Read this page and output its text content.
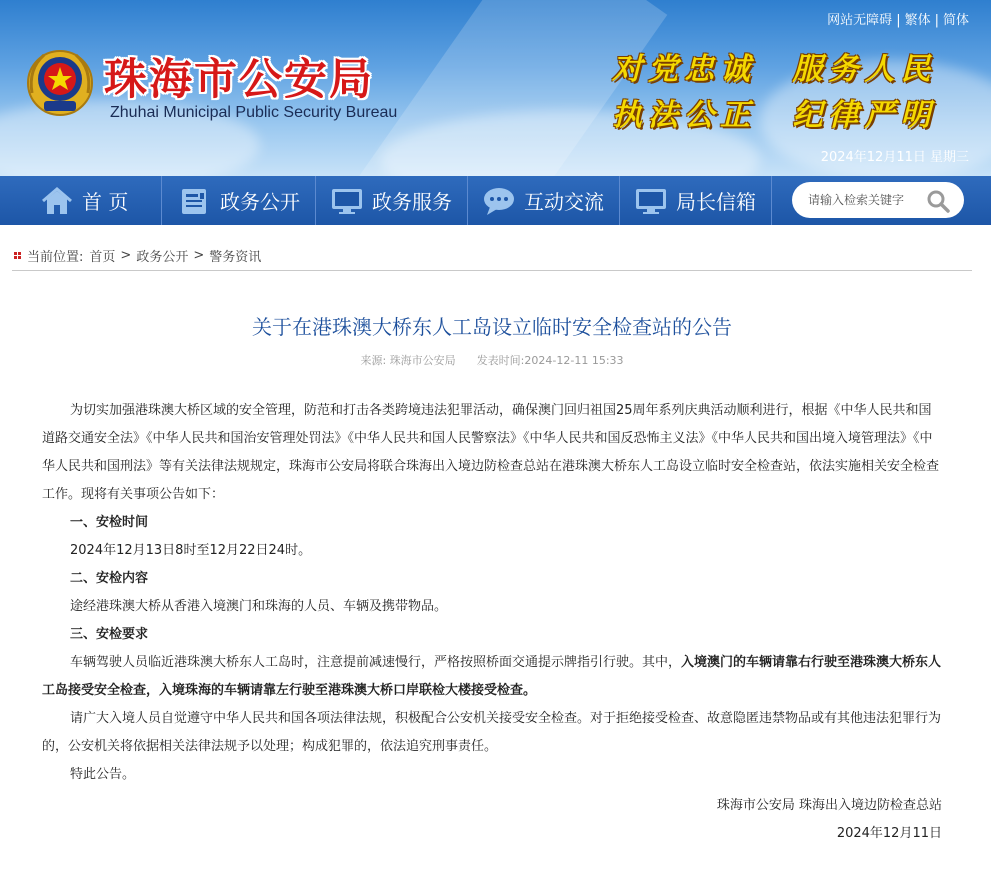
网站无障碍 | 繁体 | 简体
珠海市公安局
Zhuhai Municipal Public Security Bureau
对党忠诚 服务人民
执法公正 纪律严明
2024年12月11日 星期三
首 页	政务公开	政务服务	互动交流	局长信箱
请输入检索关键字
当前位置: 首页 > 政务公开 > 警务资讯
关于在港珠澳大桥东人工岛设立临时安全检查站的公告
来源: 珠海市公安局 发表时间:2024-12-11 15:33

为切实加强港珠澳大桥区域的安全管理，防范和打击各类跨境违法犯罪活动，确保澳门回归祖国25周年系列庆典活动顺利进行，根据《中华人民共和国道路交通安全法》《中华人民共和国治安管理处罚法》《中华人民共和国人民警察法》《中华人民共和国反恐怖主义法》《中华人民共和国出境入境管理法》《中华人民共和国刑法》等有关法律法规规定，珠海市公安局将联合珠海出入境边防检查总站在港珠澳大桥东人工岛设立临时安全检查站，依法实施相关安全检查工作。现将有关事项公告如下：

一、安检时间

2024年12月13日8时至12月22日24时。

二、安检内容

途经港珠澳大桥从香港入境澳门和珠海的人员、车辆及携带物品。

三、安检要求

车辆驾驶人员临近港珠澳大桥东人工岛时，注意提前减速慢行，严格按照桥面交通提示牌指引行驶。其中，入境澳门的车辆请靠右行驶至港珠澳大桥东人工岛接受安全检查，入境珠海的车辆请靠左行驶至港珠澳大桥口岸联检大楼接受检查。

请广大入境人员自觉遵守中华人民共和国各项法律法规，积极配合公安机关接受安全检查。对于拒绝接受检查、故意隐匿违禁物品或有其他违法犯罪行为的，公安机关将依据相关法律法规予以处理；构成犯罪的，依法追究刑事责任。

特此公告。

珠海市公安局 珠海出入境边防检查总站
2024年12月11日
